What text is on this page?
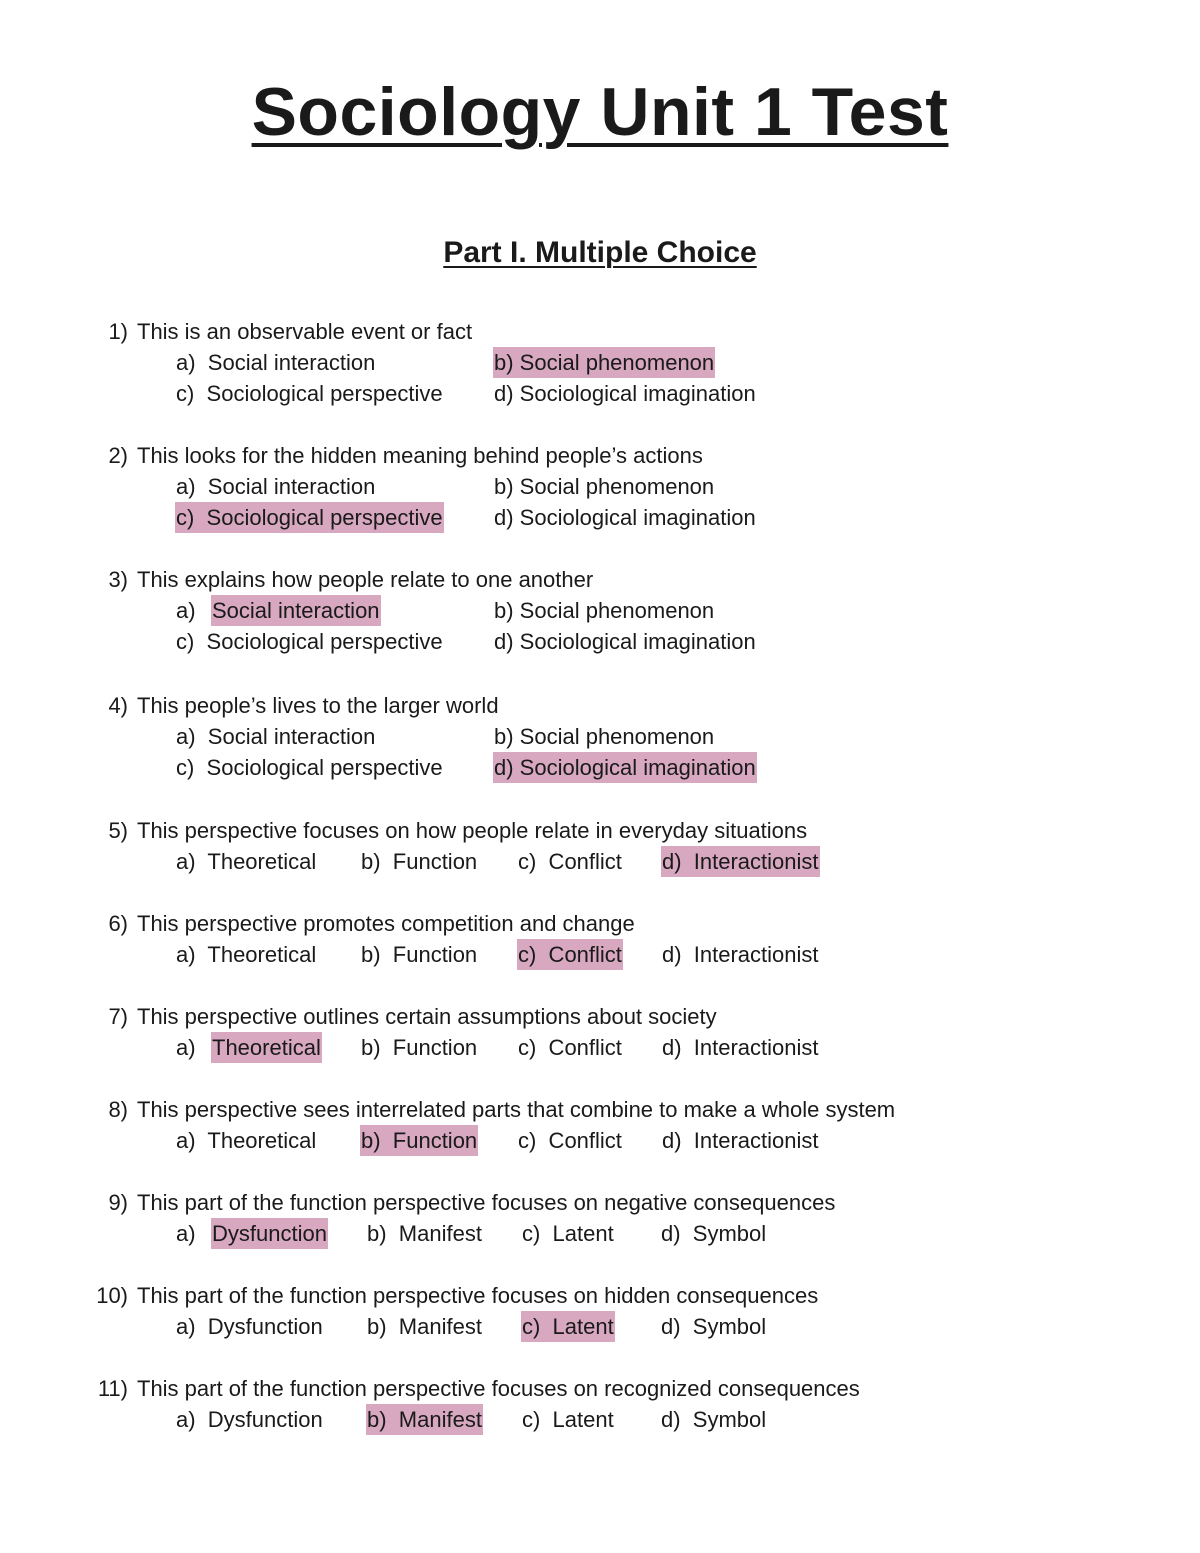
Sociology Unit 1 Test
Part I. Multiple Choice
1) This is an observable event or fact
a)  Social interaction	b) Social phenomenon
c)  Sociological perspective d) Sociological imagination
2) This looks for the hidden meaning behind people’s actions
a)  Social interaction	b) Social phenomenon
c)  Sociological perspective d) Sociological imagination
3) This explains how people relate to one another
a) Social interaction	b) Social phenomenon
c)  Sociological perspective d) Sociological imagination
4) This people’s lives to the larger world
a)  Social interaction	b) Social phenomenon
c)  Sociological perspective d) Sociological imagination
5) This perspective focuses on how people relate in everyday situations
a)  Theoretical b)  Function c)  Conflict d)  Interactionist
6) This perspective promotes competition and change
a)  Theoretical b)  Function c)  Conflict d)  Interactionist
7) This perspective outlines certain assumptions about society
a) Theoretical b)  Function c)  Conflict d)  Interactionist
8) This perspective sees interrelated parts that combine to make a whole system
a)  Theoretical b)  Function c)  Conflict d)  Interactionist
9) This part of the function perspective focuses on negative consequences
a) Dysfunction b)  Manifest c)  Latent d)  Symbol
10) This part of the function perspective focuses on hidden consequences
a)  Dysfunction b)  Manifest c)  Latent d)  Symbol
11) This part of the function perspective focuses on recognized consequences
a)  Dysfunction b)  Manifest c)  Latent d)  Symbol
